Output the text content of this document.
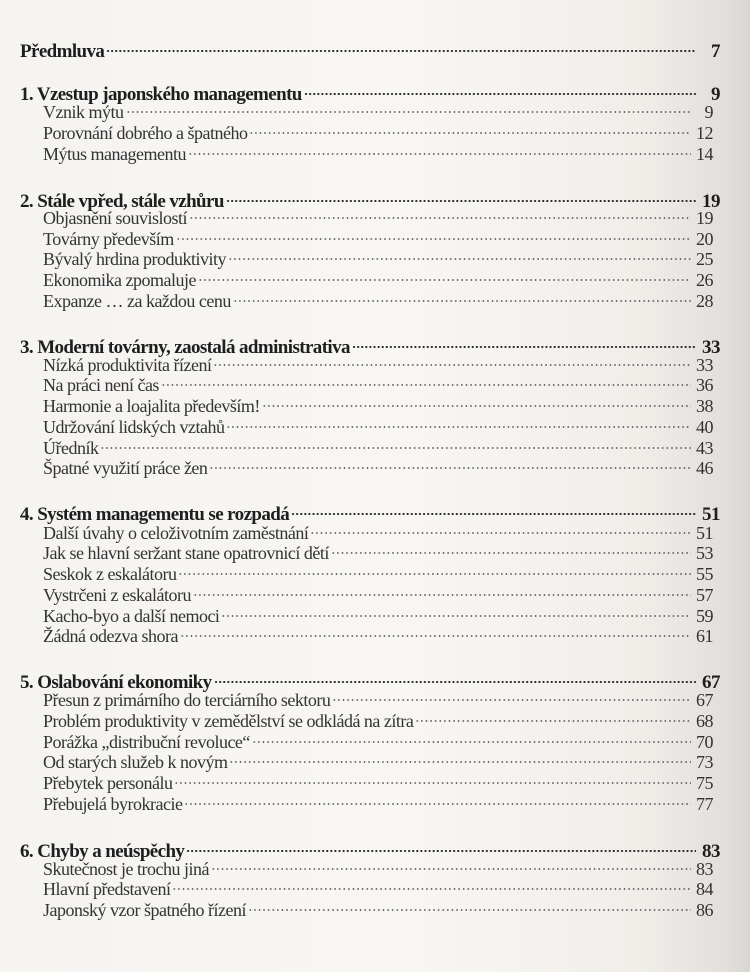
Předmluva	7
1. Vzestup japonského managementu	9
Vznik mýtu	9
Porovnání dobrého a špatného	12
Mýtus managementu	14
2. Stále vpřed, stále vzhůru	19
Objasnění souvislostí	19
Továrny především	20
Bývalý hrdina produktivity	25
Ekonomika zpomaluje	26
Expanze … za každou cenu	28
3. Moderní továrny, zaostalá administrativa	33
Nízká produktivita řízení	33
Na práci není čas	36
Harmonie a loajalita především!	38
Udržování lidských vztahů	40
Úředník	43
Špatné využití práce žen	46
4. Systém managementu se rozpadá	51
Další úvahy o celoživotním zaměstnání	51
Jak se hlavní seržant stane opatrovnicí dětí	53
Seskok z eskalátoru	55
Vystrčeni z eskalátoru	57
Kacho-byo a další nemoci	59
Žádná odezva shora	61
5. Oslabování ekonomiky	67
Přesun z primárního do terciárního sektoru	67
Problém produktivity v zemědělství se odkládá na zítra	68
Porážka „distribuční revoluce“	70
Od starých služeb k novým	73
Přebytek personálu	75
Přebujelá byrokracie	77
6. Chyby a neúspěchy	83
Skutečnost je trochu jiná	83
Hlavní představení	84
Japonský vzor špatného řízení	86
